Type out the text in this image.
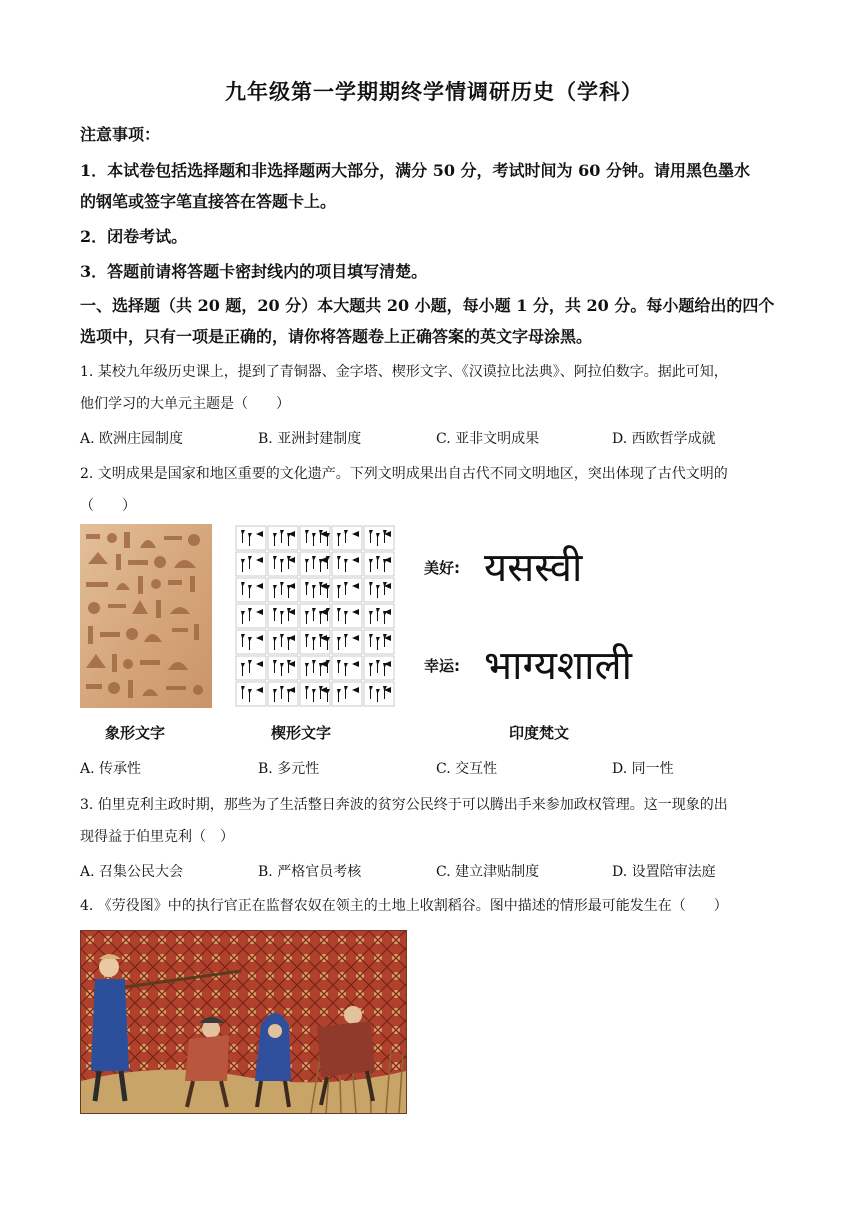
九年级第一学期期终学情调研历史（学科）
注意事项：
1．本试卷包括选择题和非选择题两大部分，满分 50 分，考试时间为 60 分钟。请用黑色墨水
的钢笔或签字笔直接答在答题卡上。
2．闭卷考试。
3．答题前请将答题卡密封线内的项目填写清楚。
一、选择题（共 20 题，20 分）本大题共 20 小题，每小题 1 分，共 20 分。每小题给出的四个
选项中，只有一项是正确的，请你将答题卷上正确答案的英文字母涂黑。
1. 某校九年级历史课上，提到了青铜器、金字塔、楔形文字、《汉谟拉比法典》、阿拉伯数字。据此可知，
他们学习的大单元主题是（　　）
A. 欧洲庄园制度	B. 亚洲封建制度	C. 亚非文明成果	D. 西欧哲学成就
2. 文明成果是国家和地区重要的文化遗产。下列文明成果出自古代不同文明地区，突出体现了古代文明的
（　　）
美好: यसस्वी
幸运: भाग्यशाली
象形文字	楔形文字	印度梵文
A. 传承性	B. 多元性	C. 交互性	D. 同一性
3. 伯里克利主政时期，那些为了生活整日奔波的贫穷公民终于可以腾出手来参加政权管理。这一现象的出
现得益于伯里克利（　）
A. 召集公民大会	B. 严格官员考核	C. 建立津贴制度	D. 设置陪审法庭
4. 《劳役图》中的执行官正在监督农奴在领主的土地上收割稻谷。图中描述的情形最可能发生在（　　）
